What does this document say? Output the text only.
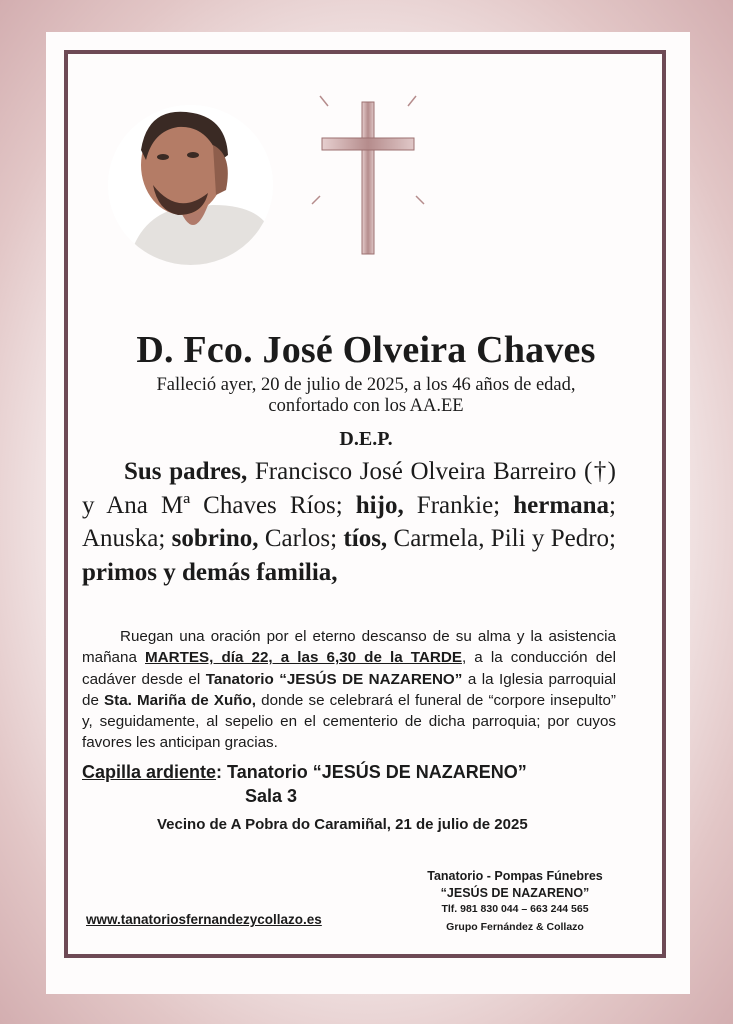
D. Fco. José Olveira Chaves
Falleció ayer, 20 de julio de 2025, a los 46 años de edad,
confortado con los AA.EE
D.E.P.
Sus padres, Francisco José Olveira Barreiro (†) y Ana Mª Chaves Ríos; hijo, Frankie; hermana; Anuska; sobrino, Carlos; tíos, Carmela, Pili y Pedro; primos y demás familia,
Ruegan una oración por el eterno descanso de su alma y la asistencia mañana MARTES, día 22, a las 6,30 de la TARDE, a la conducción del cadáver desde el Tanatorio “JESÚS DE NAZARENO” a la Iglesia parroquial de Sta. Mariña de Xuño, donde se celebrará el funeral de “corpore insepulto” y, seguidamente, al sepelio en el cementerio de dicha parroquia; por cuyos favores les anticipan gracias.
Capilla ardiente: Tanatorio “JESÚS DE NAZARENO”
Sala 3
Vecino de A Pobra do Caramiñal, 21 de julio de 2025
Tanatorio - Pompas Fúnebres
“JESÚS DE NAZARENO”
Tlf. 981 830 044 – 663 244 565
Grupo Fernández & Collazo
www.tanatoriosfernandezycollazo.es
